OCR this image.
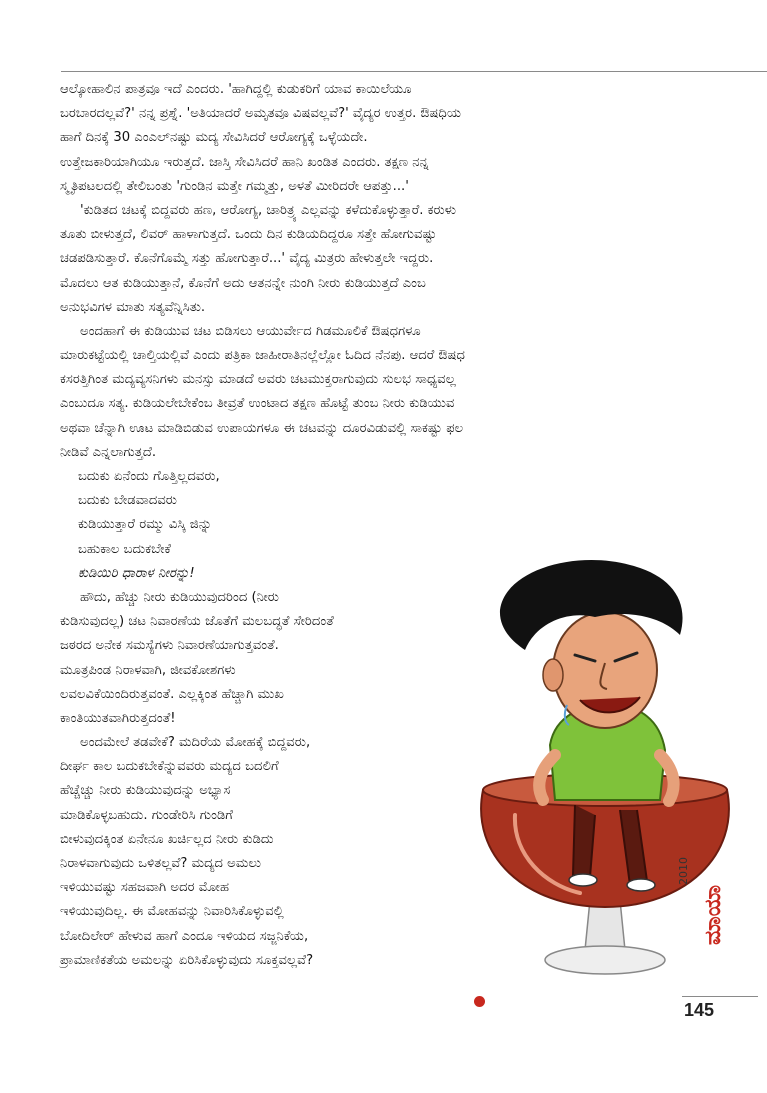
ಆಲ್ಕೋಹಾಲಿನ ಪಾತ್ರವೂ ಇದೆ ಎಂದರು. 'ಹಾಗಿದ್ದಲ್ಲಿ ಕುಡುಕರಿಗೆ ಯಾವ ಕಾಯಿಲೆಯೂ
ಬರಬಾರದಲ್ಲವೆ?' ನನ್ನ ಪ್ರಶ್ನೆ. 'ಅತಿಯಾದರೆ ಅಮೃತವೂ ವಿಷವಲ್ಲವೆ?' ವೈದ್ಯರ ಉತ್ತರ. ಔಷಧಿಯ
ಹಾಗೆ ದಿನಕ್ಕೆ 30 ಎಂಎಲ್‌ನಷ್ಟು ಮದ್ಯ ಸೇವಿಸಿದರೆ ಆರೋಗ್ಯಕ್ಕೆ ಒಳ್ಳೆಯದೇ.
ಉತ್ತೇಜಕಾರಿಯಾಗಿಯೂ ಇರುತ್ತದೆ. ಜಾಸ್ತಿ ಸೇವಿಸಿದರೆ ಹಾನಿ ಖಂಡಿತ ಎಂದರು. ತಕ್ಷಣ ನನ್ನ
ಸ್ಮೃತಿಪಟಲದಲ್ಲಿ ತೇಲಿಬಂತು 'ಗುಂಡಿನ ಮತ್ತೇ ಗಮ್ಮತ್ತು, ಅಳತೆ ಮೀರಿದರೇ ಆಪತ್ತು...'
'ಕುಡಿತದ ಚಟಕ್ಕೆ ಬಿದ್ದವರು ಹಣ, ಆರೋಗ್ಯ, ಚಾರಿತ್ರ್ಯ ಎಲ್ಲವನ್ನು ಕಳೆದುಕೊಳ್ಳುತ್ತಾರೆ. ಕರುಳು
ತೂತು ಬೀಳುತ್ತದೆ, ಲಿವರ್ ಹಾಳಾಗುತ್ತದೆ. ಒಂದು ದಿನ ಕುಡಿಯದಿದ್ದರೂ ಸತ್ತೇ ಹೋಗುವಷ್ಟು
ಚಡಪಡಿಸುತ್ತಾರೆ. ಕೊನೆಗೊಮ್ಮೆ ಸತ್ತು ಹೋಗುತ್ತಾರೆ...' ವೈದ್ಯ ಮಿತ್ರರು ಹೇಳುತ್ತಲೇ ಇದ್ದರು.
ಮೊದಲು ಆತ ಕುಡಿಯುತ್ತಾನೆ, ಕೊನೆಗೆ ಅದು ಆತನನ್ನೇ ನುಂಗಿ ನೀರು ಕುಡಿಯುತ್ತದೆ ಎಂಬ
ಅನುಭವಿಗಳ ಮಾತು ಸತ್ಯವೆನ್ನಿಸಿತು.
ಅಂದಹಾಗೆ ಈ ಕುಡಿಯುವ ಚಟ ಬಿಡಿಸಲು ಆಯುರ್ವೇದ ಗಿಡಮೂಲಿಕೆ ಔಷಧಗಳೂ
ಮಾರುಕಟ್ಟೆಯಲ್ಲಿ ಚಾಲ್ತಿಯಲ್ಲಿವೆ ಎಂದು ಪತ್ರಿಕಾ ಜಾಹೀರಾತಿನಲ್ಲೆಲ್ಲೋ ಓದಿದ ನೆನಪು. ಆದರೆ ಔಷಧ
ಕಸರತ್ತಿಗಿಂತ ಮದ್ಯವ್ಯಸನಿಗಳು ಮನಸ್ಸು ಮಾಡದೆ ಅವರು ಚಟಮುಕ್ತರಾಗುವುದು ಸುಲಭ ಸಾಧ್ಯವಲ್ಲ
ಎಂಬುದೂ ಸತ್ಯ. ಕುಡಿಯಲೇಬೇಕೆಂಬ ತೀವ್ರತೆ ಉಂಟಾದ ತಕ್ಷಣ ಹೊಟ್ಟೆ ತುಂಬ ನೀರು ಕುಡಿಯುವ
ಅಥವಾ ಚೆನ್ನಾಗಿ ಊಟ ಮಾಡಿಬಿಡುವ ಉಪಾಯಗಳೂ ಈ ಚಟವನ್ನು ದೂರವಿಡುವಲ್ಲಿ ಸಾಕಷ್ಟು ಫಲ
ನೀಡಿವೆ ಎನ್ನಲಾಗುತ್ತದೆ.
ಬದುಕು ಏನೆಂದು ಗೊತ್ತಿಲ್ಲದವರು,
ಬದುಕು ಬೇಡವಾದವರು
ಕುಡಿಯುತ್ತಾರೆ ರಮ್ಮು ವಿಸ್ಕಿ ಜಿನ್ನು
ಬಹುಕಾಲ ಬದುಕಬೇಕೆ
ಕುಡಿಯಿರಿ ಧಾರಾಳ ನೀರನ್ನು!
ಹೌದು, ಹೆಚ್ಚು ನೀರು ಕುಡಿಯುವುದರಿಂದ (ನೀರು
ಕುಡಿಸುವುದಲ್ಲ) ಚಟ ನಿವಾರಣೆಯ ಜೊತೆಗೆ ಮಲಬದ್ಧತೆ ಸೇರಿದಂತೆ
ಜಠರದ ಅನೇಕ ಸಮಸ್ಯೆಗಳು ನಿವಾರಣೆಯಾಗುತ್ತವಂತೆ.
ಮೂತ್ರಪಿಂಡ ನಿರಾಳವಾಗಿ, ಜೀವಕೋಶಗಳು
ಲವಲವಿಕೆಯಿಂದಿರುತ್ತವಂತೆ. ಎಲ್ಲಕ್ಕಿಂತ ಹೆಚ್ಚಾಗಿ ಮುಖ
ಕಾಂತಿಯುತವಾಗಿರುತ್ತದಂತೆ!
ಅಂದಮೇಲೆ ತಡವೇಕೆ? ಮದಿರೆಯ ಮೋಹಕ್ಕೆ ಬಿದ್ದವರು,
ದೀರ್ಘ ಕಾಲ ಬದುಕಬೇಕೆನ್ನುವವರು ಮದ್ಯದ ಬದಲಿಗೆ
ಹೆಚ್ಚೆಚ್ಚು ನೀರು ಕುಡಿಯುವುದನ್ನು ಅಭ್ಯಾಸ
ಮಾಡಿಕೊಳ್ಳಬಹುದು. ಗುಂಡೇರಿಸಿ ಗುಂಡಿಗೆ
ಬೀಳುವುದಕ್ಕಿಂತ ಏನೇನೂ ಖರ್ಚಿಲ್ಲದ ನೀರು ಕುಡಿದು
ನಿರಾಳವಾಗುವುದು ಒಳಿತಲ್ಲವೆ? ಮದ್ಯದ ಅಮಲು
ಇಳಿಯುವಷ್ಟು ಸಹಜವಾಗಿ ಅದರ ಮೋಹ
ಇಳಿಯುವುದಿಲ್ಲ. ಈ ಮೋಹವನ್ನು ನಿವಾರಿಸಿಕೊಳ್ಳುವಲ್ಲಿ
ಬೋದಿಲೇರ್ ಹೇಳುವ ಹಾಗೆ ಎಂದೂ ಇಳಿಯದ ಸಜ್ಜನಿಕೆಯ,
ಪ್ರಾಮಾಣಿಕತೆಯ ಅಮಲನ್ನು ಏರಿಸಿಕೊಳ್ಳುವುದು ಸೂಕ್ತವಲ್ಲವೆ?
ಮಾಯಾ
2010
145
